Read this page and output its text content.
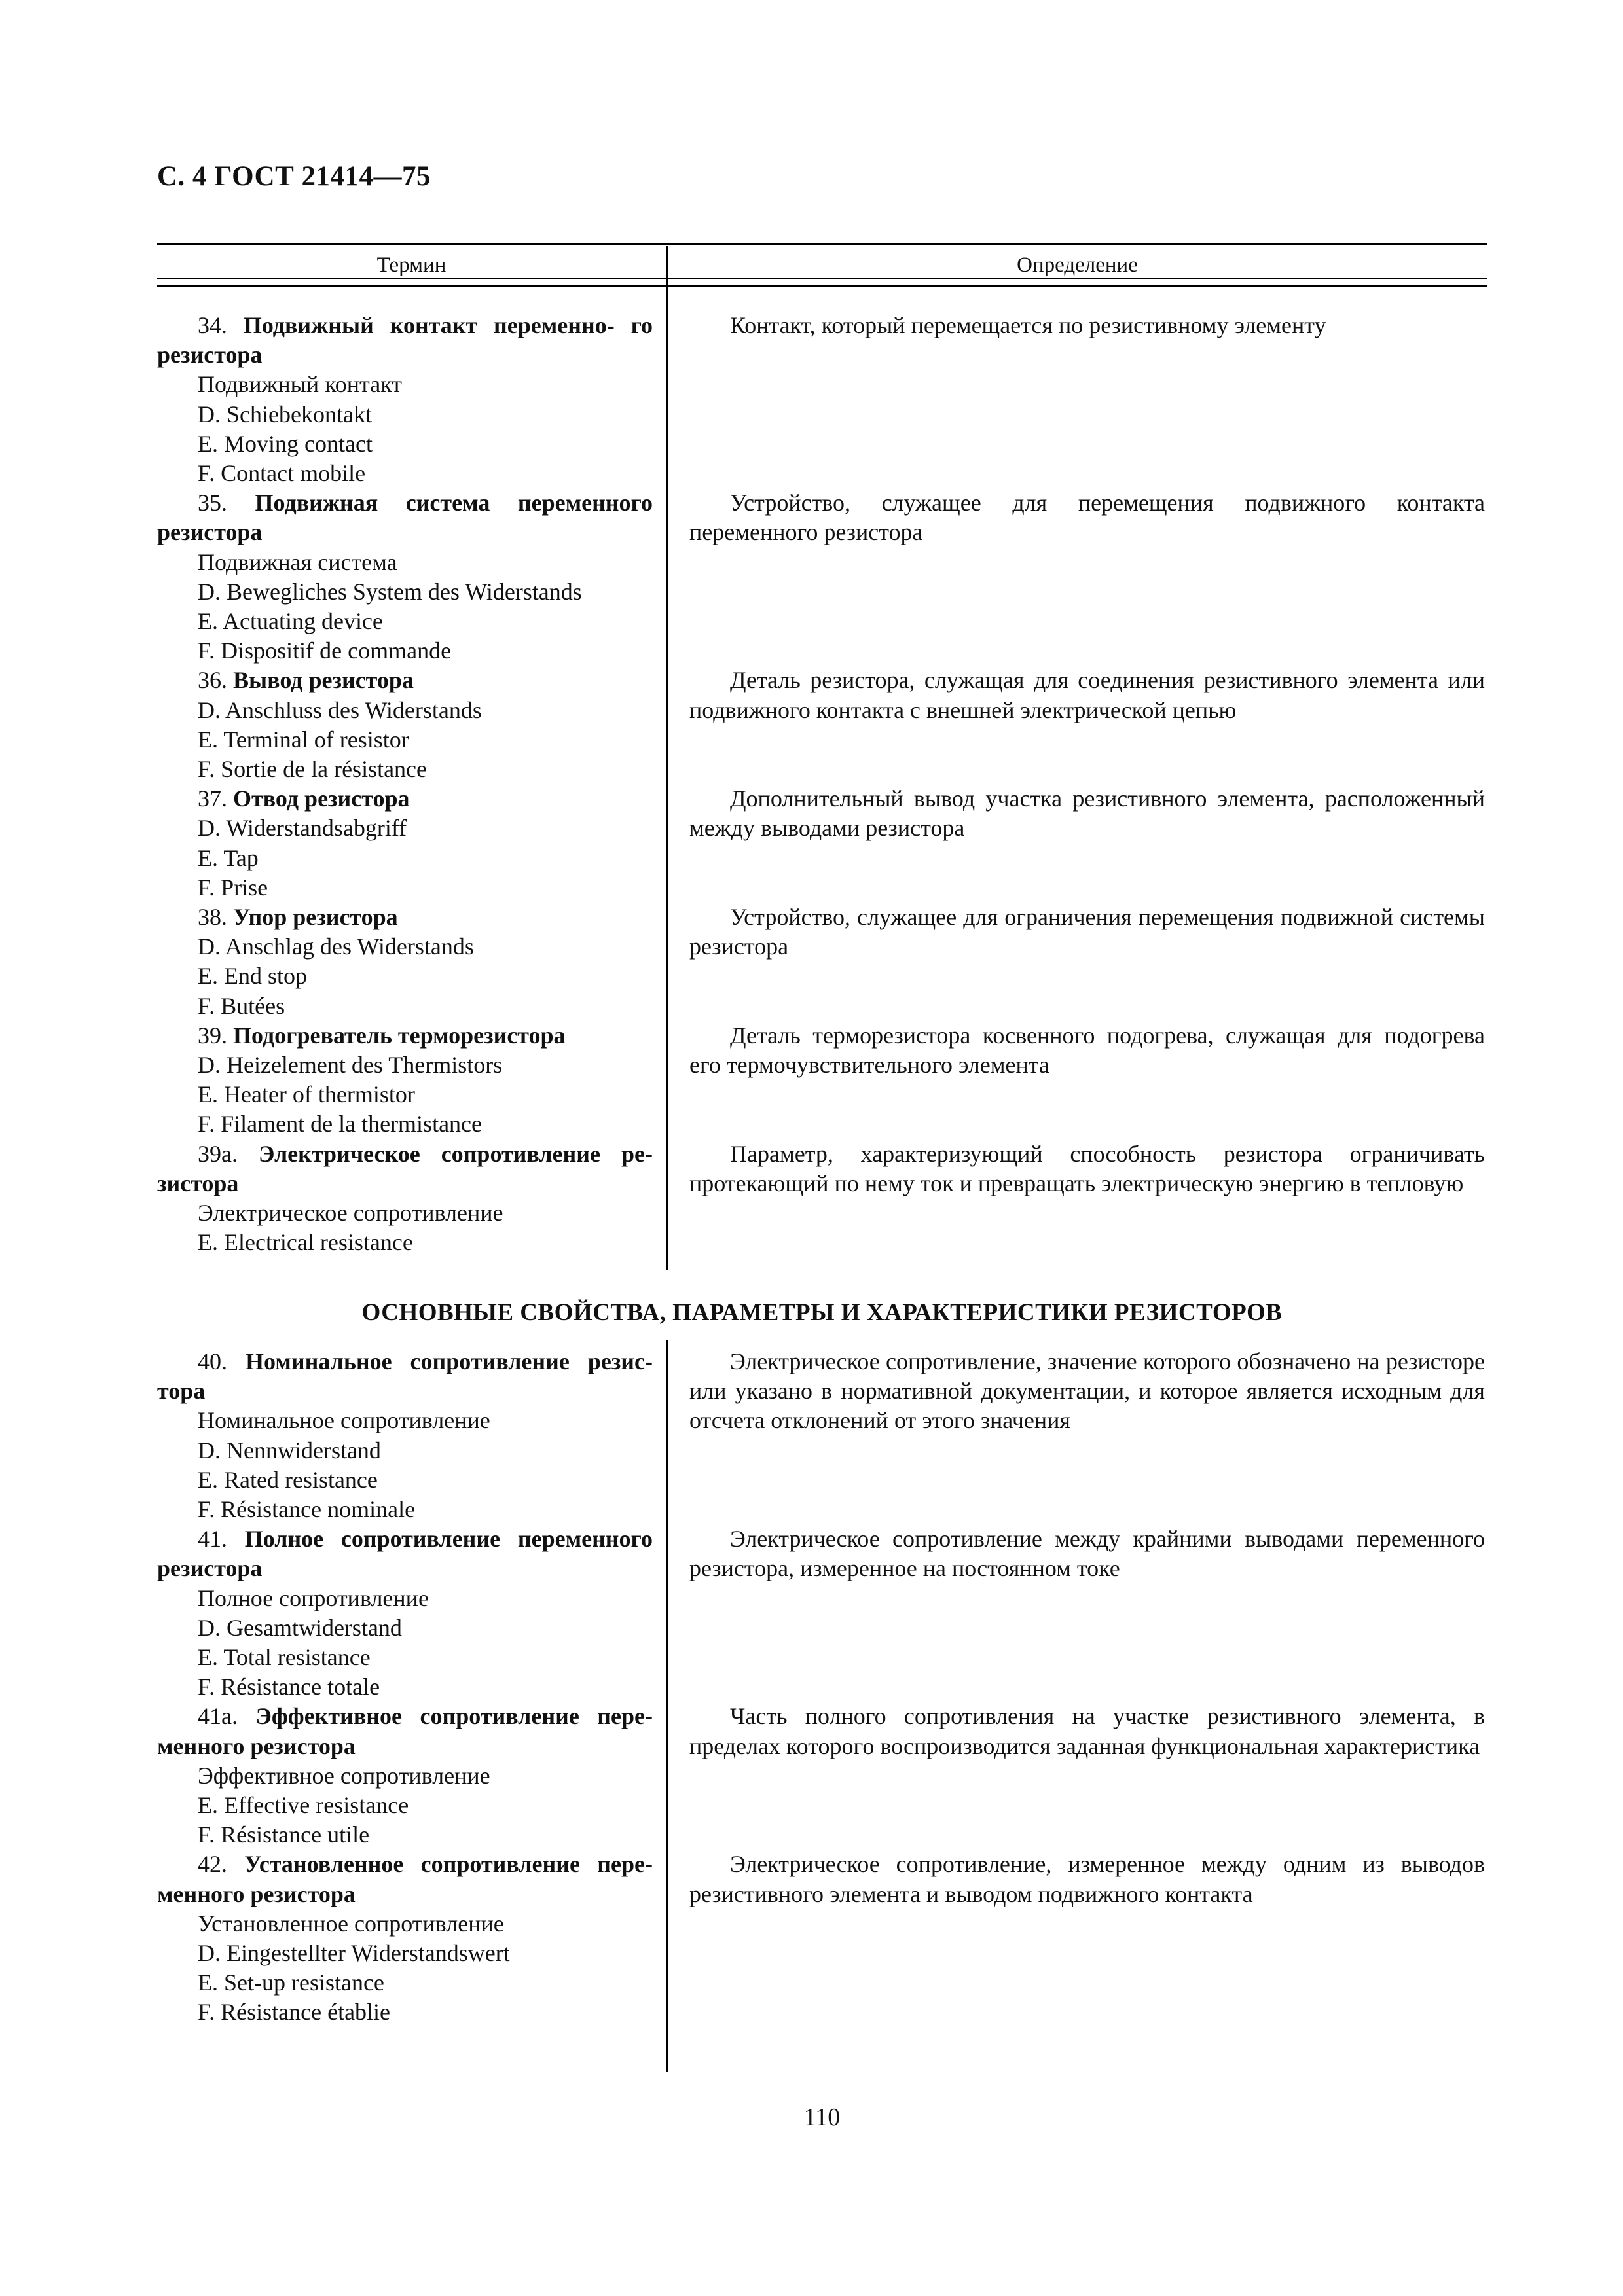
С. 4 ГОСТ 21414—75
Термин	Определение
34. Подвижный контакт переменно- го резистора
Подвижный контакт
D. Schiebekontakt
E. Moving contact
F. Contact mobile

Контакт, который перемещается по резистивному элементу

35. Подвижная система переменного резистора
Подвижная система
D. Bewegliches System des Widerstands
E. Actuating device
F. Dispositif de commande

Устройство, служащее для перемещения подвижного контакта переменного резистора

36. Вывод резистора
D. Anschluss des Widerstands
E. Terminal of resistor
F. Sortie de la résistance

Деталь резистора, служащая для соединения резистивного элемента или подвижного контакта с внешней электрической цепью

37. Отвод резистора
D. Widerstandsabgriff
E. Tap
F. Prise

Дополнительный вывод участка резистивного элемента, расположенный между выводами резистора

38. Упор резистора
D. Anschlag des Widerstands
E. End stop
F. Butées

Устройство, служащее для ограничения перемещения подвижной системы резистора

39. Подогреватель терморезистора
D. Heizelement des Thermistors
E. Heater of thermistor
F. Filament de la thermistance

Деталь терморезистора косвенного подогрева, служащая для подогрева его термочувствительного элемента

39а. Электрическое сопротивление ре- зистора
Электрическое сопротивление
E. Electrical resistance

Параметр, характеризующий способность резистора ограничивать протекающий по нему ток и превращать электрическую энергию в тепловую

ОСНОВНЫЕ СВОЙСТВА, ПАРАМЕТРЫ И ХАРАКТЕРИСТИКИ РЕЗИСТОРОВ
40. Номинальное сопротивление резис- тора
Номинальное сопротивление
D. Nennwiderstand
E. Rated resistance
F. Résistance nominale

Электрическое сопротивление, значение которого обозначено на резисторе или указано в нормативной документации, и которое является исходным для отсчета отклонений от этого значения

41. Полное сопротивление переменного резистора
Полное сопротивление
D. Gesamtwiderstand
E. Total resistance
F. Résistance totale

Электрическое сопротивление между крайними выводами переменного резистора, измеренное на постоянном токе

41а. Эффективное сопротивление пере- менного резистора
Эффективное сопротивление
E. Effective resistance
F. Résistance utile

Часть полного сопротивления на участке резистивного элемента, в пределах которого воспроизводится заданная функциональная характеристика

42. Установленное сопротивление пере- менного резистора
Установленное сопротивление
D. Eingestellter Widerstandswert
E. Set-up resistance
F. Résistance établie

Электрическое сопротивление, измеренное между одним из выводов резистивного элемента и выводом подвижного контакта

110
